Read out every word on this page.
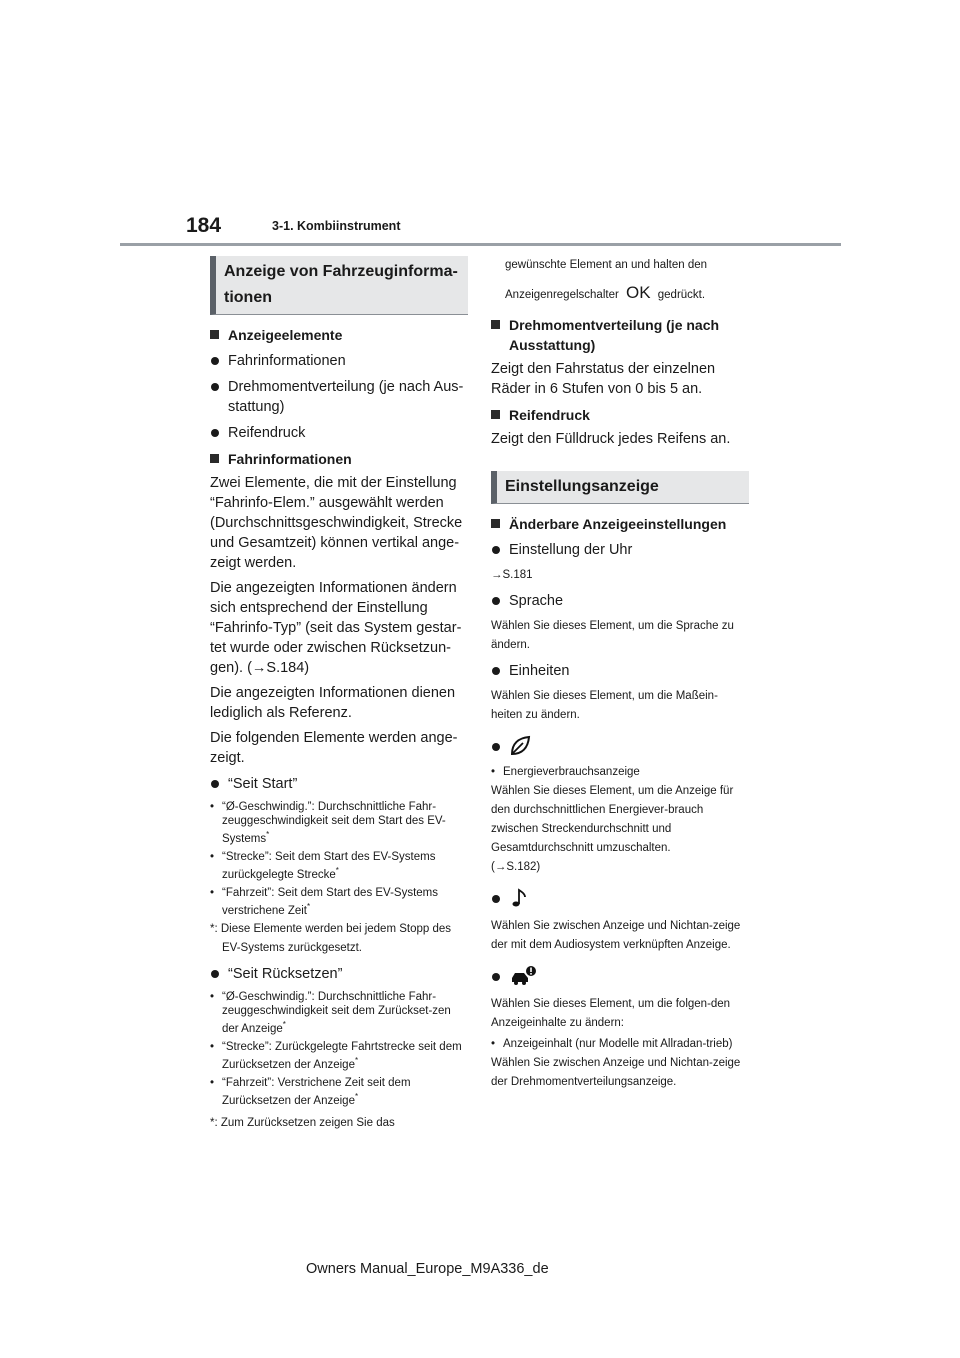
184	3-1. Kombiinstrument
Anzeige von Fahrzeuginforma-tionen
Anzeigeelemente
Fahrinformationen
Drehmomentverteilung (je nach Aus-stattung)
Reifendruck
Fahrinformationen

Zwei Elemente, die mit der Einstellung “Fahrinfo-Elem.” ausgewählt werden (Durchschnittsgeschwindigkeit, Strecke und Gesamtzeit) können vertikal ange-zeigt werden.

Die angezeigten Informationen ändern sich entsprechend der Einstellung “Fahrinfo-Typ” (seit das System gestar-tet wurde oder zwischen Rücksetzun-gen). (→S.184)

Die angezeigten Informationen dienen lediglich als Referenz.

Die folgenden Elemente werden ange-zeigt.

“Seit Start”
• “Ø-Geschwindig.”: Durchschnittliche Fahr-zeuggeschwindigkeit seit dem Start des EV-Systems*
• “Strecke”: Seit dem Start des EV-Systems zurückgelegte Strecke*
• “Fahrzeit”: Seit dem Start des EV-Systems verstrichene Zeit*
*: Diese Elemente werden bei jedem Stopp des EV-Systems zurückgesetzt.
“Seit Rücksetzen”
• “Ø-Geschwindig.”: Durchschnittliche Fahr-zeuggeschwindigkeit seit dem Zurückset-zen der Anzeige*
• “Strecke”: Zurückgelegte Fahrtstrecke seit dem Zurücksetzen der Anzeige*
• “Fahrzeit”: Verstrichene Zeit seit dem Zurücksetzen der Anzeige*
*: Zum Zurücksetzen zeigen Sie das

gewünschte Element an und halten den

Anzeigenregelschalter OK gedrückt.

Drehmomentverteilung (je nach Ausstattung)

Zeigt den Fahrstatus der einzelnen Räder in 6 Stufen von 0 bis 5 an.

Reifendruck

Zeigt den Fülldruck jedes Reifens an.

Einstellungsanzeige
Änderbare Anzeigeeinstellungen
Einstellung der Uhr

→S.181

Sprache

Wählen Sie dieses Element, um die Sprache zu ändern.

Einheiten

Wählen Sie dieses Element, um die Maßein-heiten zu ändern.

• Energieverbrauchsanzeige

Wählen Sie dieses Element, um die Anzeige für den durchschnittlichen Energiever-brauch zwischen Streckendurchschnitt und Gesamtdurchschnitt umzuschalten.

(→S.182)

Wählen Sie zwischen Anzeige und Nichtan-zeige der mit dem Audiosystem verknüpften Anzeige.

Wählen Sie dieses Element, um die folgen-den Anzeigeinhalte zu ändern:

• Anzeigeinhalt (nur Modelle mit Allradan-trieb)

Wählen Sie zwischen Anzeige und Nichtan-zeige der Drehmomentverteilungsanzeige.

Owners Manual_Europe_M9A336_de
